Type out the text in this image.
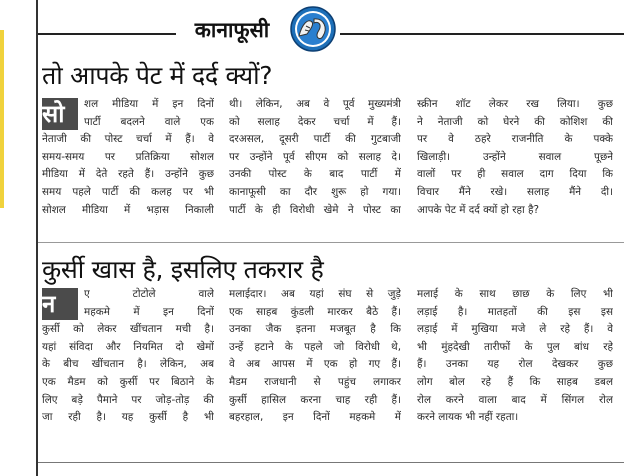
कानाफूसी
तो आपके पेट में दर्द क्यों?
सो	शल मीडिया में इन दिनों
पार्टी बदलने वाले एक
नेताजी की पोस्ट चर्चा में हैं। वे
समय-समय पर प्रतिक्रिया सोशल
मीडिया में देते रहते हैं। उन्होंने कुछ
समय पहले पार्टी की कलह पर भी
सोशल मीडिया में भड़ास निकाली
थी। लेकिन, अब वे पूर्व मुख्यमंत्री
को सलाह देकर चर्चा में हैं।
दरअसल, दूसरी पार्टी की गुटबाजी
पर उन्होंने पूर्व सीएम को सलाह दे।
उनकी पोस्ट के बाद पार्टी में
कानाफूसी का दौर शुरू हो गया।
पार्टी के ही विरोधी खेमे ने पोस्ट का
स्क्रीन शॉट लेकर रख लिया। कुछ
ने नेताजी को घेरने की कोशिश की
पर वे ठहरे राजनीति के पक्के
खिलाड़ी। उन्होंने सवाल पूछने
वालों पर ही सवाल दाग दिया कि
विचार मैंने रखे। सलाह मैंने दी।
आपके पेट में दर्द क्यों हो रहा है?
कुर्सी खास है, इसलिए तकरार है
न	ए टोटोले वाले
महकमे में इन दिनों
कुर्सी को लेकर खींचतान मची है।
यहां संविदा और नियमित दो खेमों
के बीच खींचतान है। लेकिन, अब
एक मैडम को कुर्सी पर बिठाने के
लिए बड़े पैमाने पर जोड़-तोड़ की
जा रही है। यह कुर्सी है भी
मलाईदार। अब यहां संघ से जुड़े
एक साहब कुंडली मारकर बैठे हैं।
उनका जैक इतना मजबूत है कि
उन्हें हटाने के पहले जो विरोधी थे,
वे अब आपस में एक हो गए हैं।
मैडम राजधानी से पहुंच लगाकर
कुर्सी हासिल करना चाह रही हैं।
बहरहाल, इन दिनों महकमे में
मलाई के साथ छाछ के लिए भी
लड़ाई है। मातहतों की इस इस
लड़ाई में मुखिया मजे ले रहे हैं। वे
भी मुंहदेखी तारीफों के पुल बांध रहे
हैं। उनका यह रोल देखकर कुछ
लोग बोल रहे हैं कि साहब डबल
रोल करने वाला बाद में सिंगल रोल
करने लायक भी नहीं रहता।
